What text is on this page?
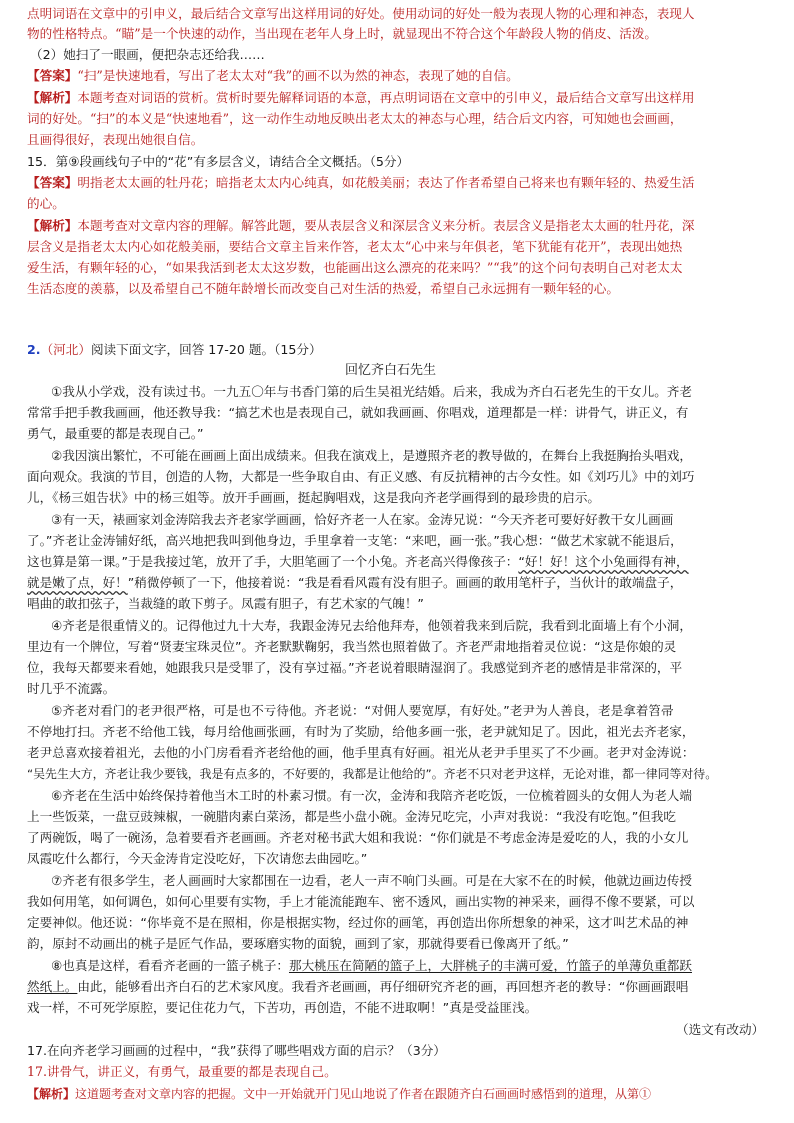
点明词语在文章中的引申义，最后结合文章写出这样用词的好处。使用动词的好处一般为表现人物的心理和神态，表现人
物的性格特点。“瞄”是一个快速的动作，当出现在老年人身上时，就显现出不符合这个年龄段人物的俏皮、活泼。
（2）她扫了一眼画，便把杂志还给我……
【答案】“扫”是快速地看，写出了老太太对“我”的画不以为然的神态，表现了她的自信。
【解析】本题考查对词语的赏析。赏析时要先解释词语的本意，再点明词语在文章中的引申义，最后结合文章写出这样用
词的好处。“扫”的本义是“快速地看”，这一动作生动地反映出老太太的神态与心理，结合后文内容，可知她也会画画，
且画得很好，表现出她很自信。
15．第⑨段画线句子中的“花”有多层含义，请结合全文概括。（5分）
【答案】明指老太太画的牡丹花；暗指老太太内心纯真，如花般美丽；表达了作者希望自己将来也有颗年轻的、热爱生活
的心。
【解析】本题考查对文章内容的理解。解答此题，要从表层含义和深层含义来分析。表层含义是指老太太画的牡丹花，深
层含义是指老太太内心如花般美丽，要结合文章主旨来作答，老太太“心中来与年俱老，笔下犹能有花开”，表现出她热
爱生活，有颗年轻的心，“如果我活到老太太这岁数，也能画出这么漂亮的花来吗？”“我”的这个问句表明自己对老太太
生活态度的羡慕，以及希望自己不随年龄增长而改变自己对生活的热爱，希望自己永远拥有一颗年轻的心。
2.（河北）阅读下面文字，回答 17-20 题。（15分）
回忆齐白石先生
①我从小学戏，没有读过书。一九五〇年与书香门第的后生吴祖光结婚。后来，我成为齐白石老先生的干女儿。齐老
常常手把手教我画画，他还教导我：“搞艺术也是表现自己，就如我画画、你唱戏，道理都是一样：讲骨气，讲正义，有
勇气，最重要的都是表现自己。”
②我因演出繁忙，不可能在画画上面出成绩来。但我在演戏上，是遵照齐老的教导做的，在舞台上我挺胸抬头唱戏，
面向观众。我演的节目，创造的人物，大都是一些争取自由、有正义感、有反抗精神的古今女性。如《刘巧儿》中的刘巧
儿，《杨三姐告状》中的杨三姐等。放开手画画，挺起胸唱戏，这是我向齐老学画得到的最珍贵的启示。
③有一天，裱画家刘金涛陪我去齐老家学画画，恰好齐老一人在家。金涛兄说：“今天齐老可要好好教干女儿画画
了。”齐老让金涛铺好纸，高兴地把我叫到他身边，手里拿着一支笔：“来吧，画一张。”我心想：“做艺术家就不能退后，
这也算是第一课。”于是我接过笔，放开了手，大胆笔画了一个小兔。齐老高兴得像孩子：“好！好！这个小兔画得有神，
就是嫩了点，好！”稍微停顿了一下，他接着说：“我是看看风霞有没有胆子。画画的敢用笔杆子，当伙计的敢端盘子，
唱曲的敢扣弦子，当裁缝的敢下剪子。凤霞有胆子，有艺术家的气魄！”
④齐老是很重情义的。记得他过九十大寿，我跟金涛兄去给他拜寿，他领着我来到后院，我看到北面墙上有个小洞，
里边有一个牌位，写着“贤妻宝珠灵位”。齐老默默鞠躬，我当然也照着做了。齐老严肃地指着灵位说：“这是你娘的灵
位，我每天都要来看她，她跟我只是受罪了，没有享过福。”齐老说着眼睛湿润了。我感觉到齐老的感情是非常深的，平
时几乎不流露。
⑤齐老对看门的老尹很严格，可是也不亏待他。齐老说：“对佣人要宽厚，有好处。”老尹为人善良，老是拿着笤帚
不停地打扫。齐老不给他工钱，每月给他画张画，有时为了奖励，给他多画一张，老尹就知足了。因此，祖光去齐老家，
老尹总喜欢接着祖光，去他的小门房看看齐老给他的画，他手里真有好画。祖光从老尹手里买了不少画。老尹对金涛说：
“吴先生大方，齐老让我少要钱，我是有点多的，不好要的，我都是让他给的”。齐老不只对老尹这样，无论对谁，都一律同等对待。
⑥齐老在生活中始终保持着他当木工时的朴素习惯。有一次，金涛和我陪齐老吃饭，一位梳着圆头的女佣人为老人端
上一些饭菜，一盘豆豉辣椒，一碗腊肉素白菜汤，都是些小盘小碗。金涛兄吃完，小声对我说：“我没有吃饱。”但我吃
了两碗饭，喝了一碗汤，急着要看齐老画画。齐老对秘书武大姐和我说：“你们就是不考虑金涛是爱吃的人，我的小女儿
凤霞吃什么都行，今天金涛肯定没吃好，下次请您去曲园吃。”
⑦齐老有很多学生，老人画画时大家都围在一边看，老人一声不响门头画。可是在大家不在的时候，他就边画边传授
我如何用笔，如何调色，如何心里要有实物，手上才能流能跑车、密不透风，画出实物的神采来，画得不像不要紧，可以
定要神似。他还说：“你毕竟不是在照相，你是根据实物，经过你的画笔，再创造出你所想象的神采，这才叫艺术品的神
韵，原封不动画出的桃子是匠气作品，要琢磨实物的面貌，画到了家，那就得要看已像离开了纸。”
⑧也真是这样，看看齐老画的一篮子桃子：那大桃压在简陋的篮子上，大胖桃子的丰满可爱，竹篮子的单薄负重都跃
然纸上。由此，能够看出齐白石的艺术家风度。我看齐老画画，再仔细研究齐老的画，再回想齐老的教导：“你画画跟唱
戏一样，不可死学原腔，要记住花力气，下苦功，再创造，不能不进取啊！”真是受益匪浅。
（选文有改动）
17.在向齐老学习画画的过程中，“我”获得了哪些唱戏方面的启示？（3分）
17.讲骨气，讲正义，有勇气，最重要的都是表现自己。
【解析】这道题考查对文章内容的把握。文中一开始就开门见山地说了作者在跟随齐白石画画时感悟到的道理，从第①
